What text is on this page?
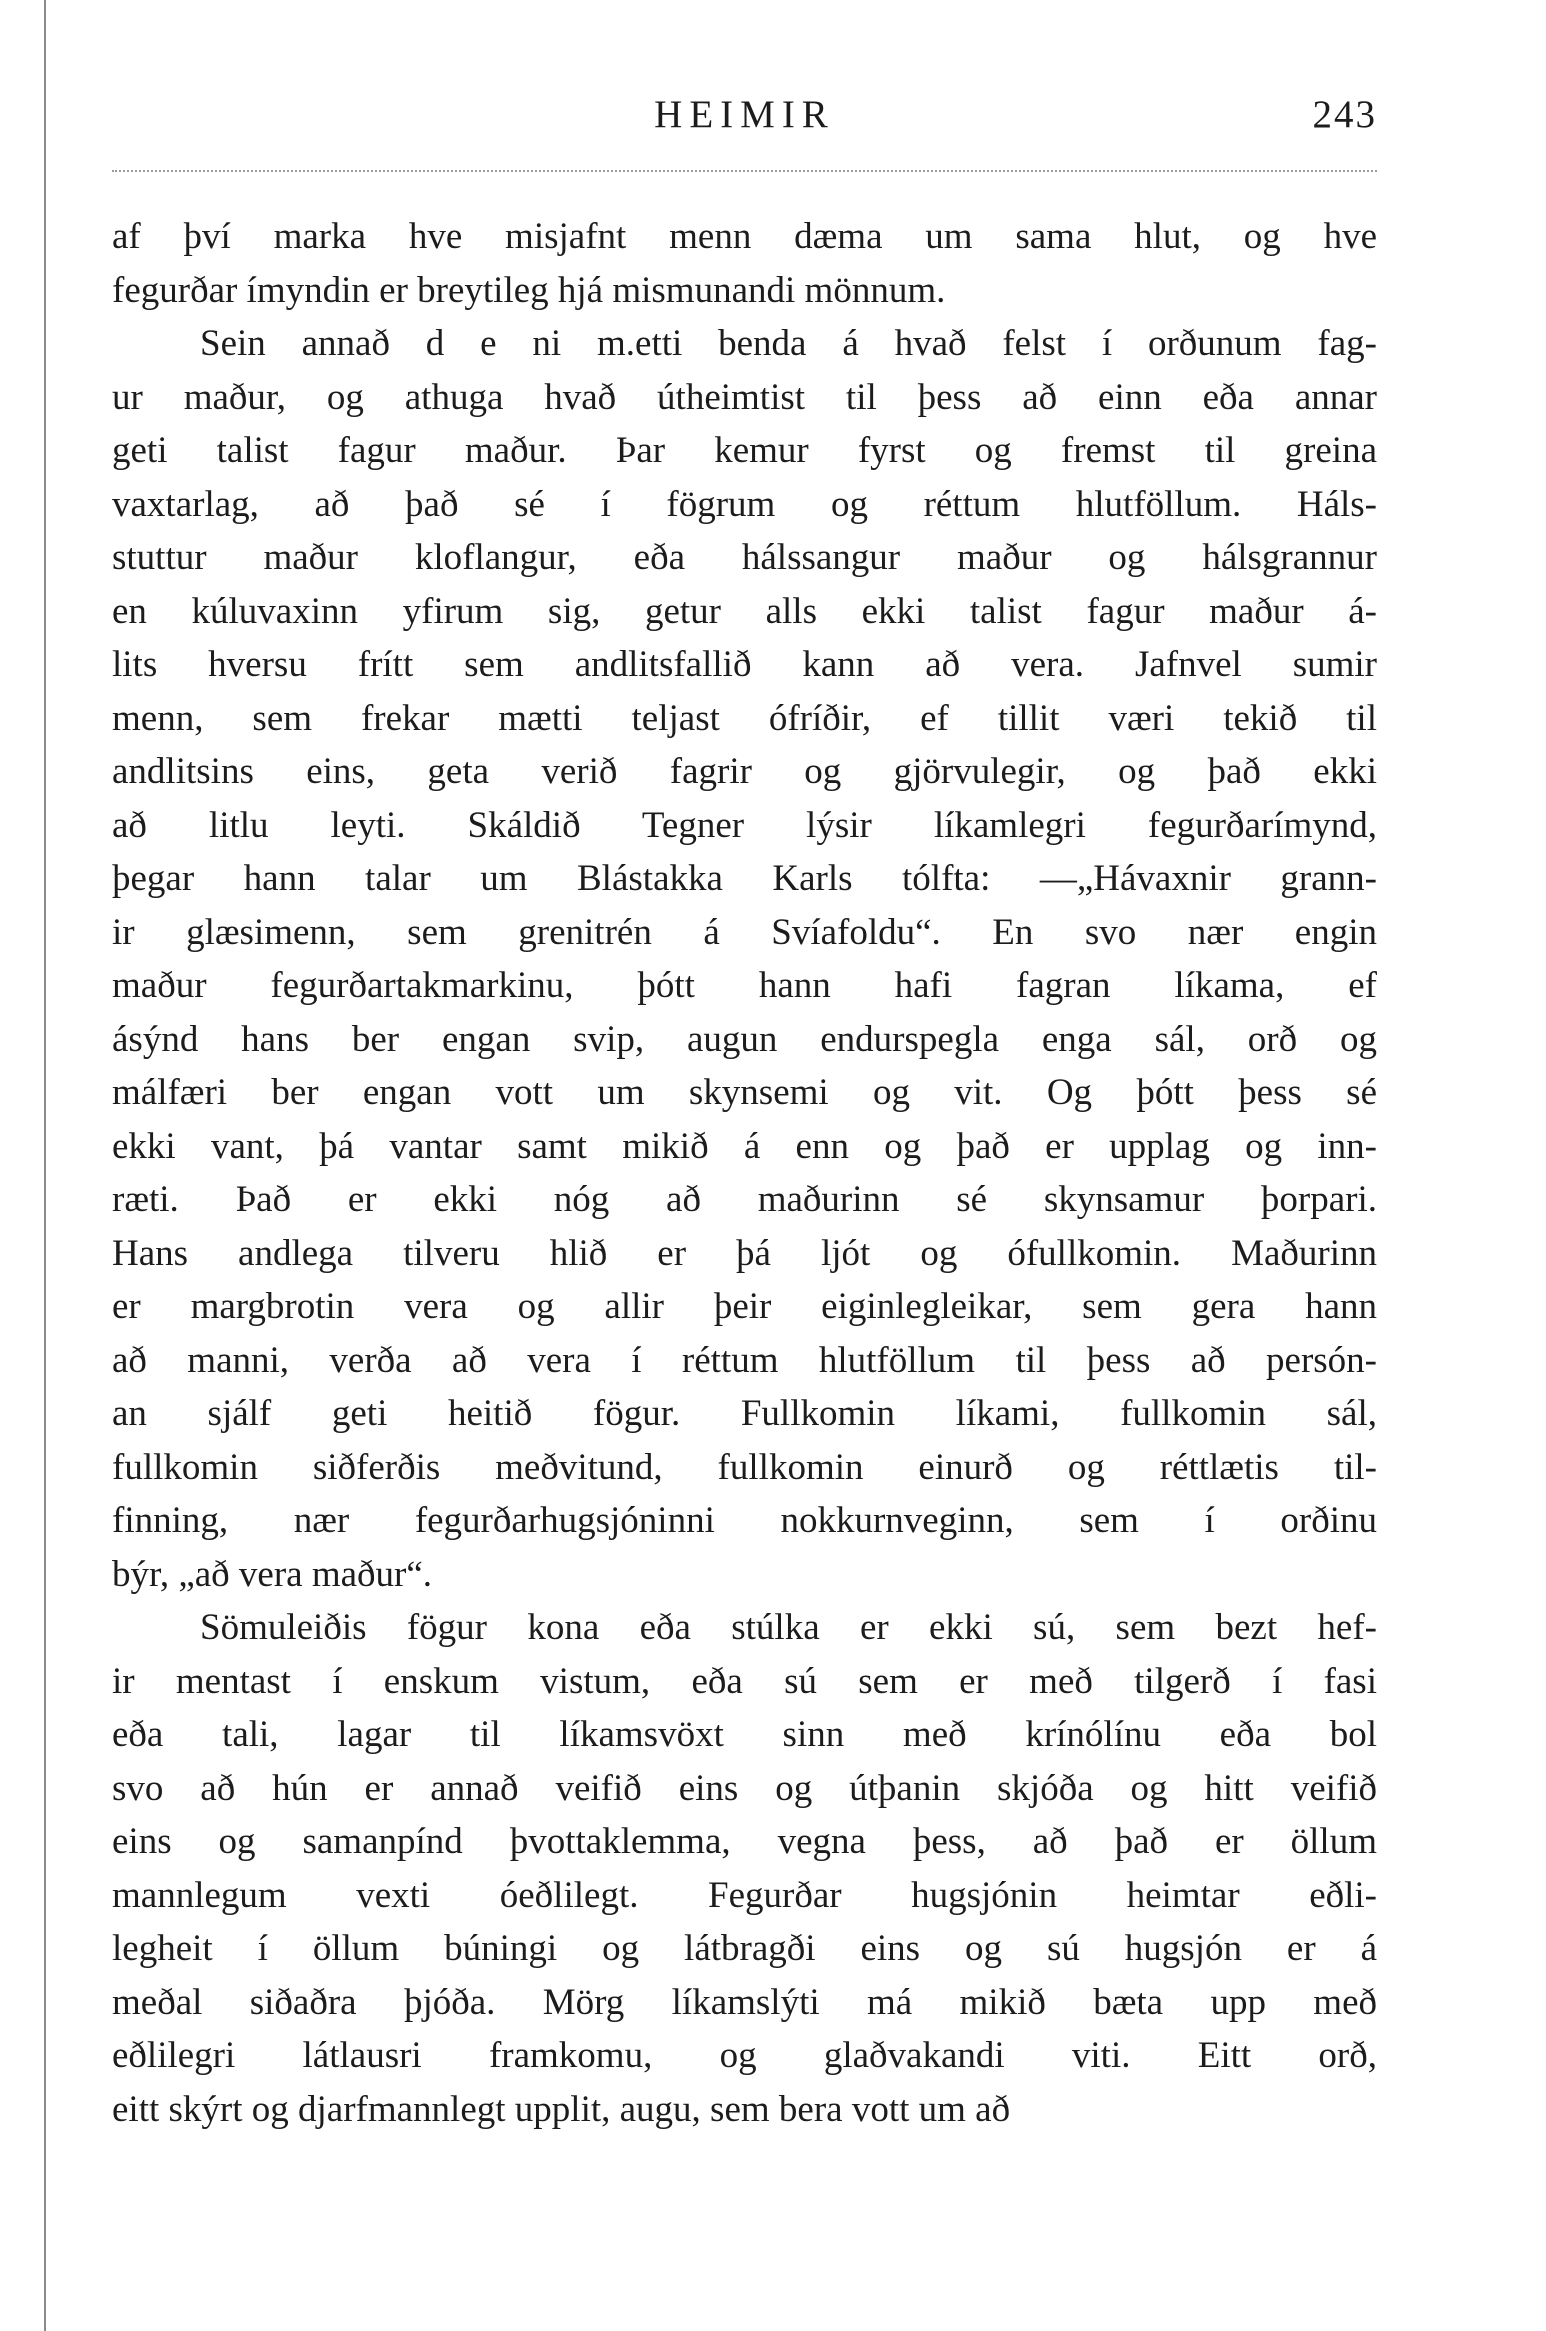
HEIMIR	243
af því marka hve misjafnt menn dæma um sama hlut, og hve
fegurðar ímyndin er breytileg hjá mismunandi mönnum.
Sein annað d e ni m.etti benda á hvað felst í orðunum fag-
ur maður, og athuga hvað útheimtist til þess að einn eða annar
geti talist fagur maður. Þar kemur fyrst og fremst til greina
vaxtarlag, að það sé í fögrum og réttum hlutföllum. Háls-
stuttur maður kloflangur, eða hálssangur maður og hálsgrannur
en kúluvaxinn yfirum sig, getur alls ekki talist fagur maður á-
lits hversu frítt sem andlitsfallið kann að vera. Jafnvel sumir
menn, sem frekar mætti teljast ófríðir, ef tillit væri tekið til
andlitsins eins, geta verið fagrir og gjörvulegir, og það ekki
að litlu leyti. Skáldið Tegner lýsir líkamlegri fegurðarímynd,
þegar hann talar um Blástakka Karls tólfta: —„Hávaxnir grann-
ir glæsimenn, sem grenitrén á Svíafoldu“. En svo nær engin
maður fegurðartakmarkinu, þótt hann hafi fagran líkama, ef
ásýnd hans ber engan svip, augun endurspegla enga sál, orð og
málfæri ber engan vott um skynsemi og vit. Og þótt þess sé
ekki vant, þá vantar samt mikið á enn og það er upplag og inn-
ræti. Það er ekki nóg að maðurinn sé skynsamur þorpari.
Hans andlega tilveru hlið er þá ljót og ófullkomin. Maðurinn
er margbrotin vera og allir þeir eiginlegleikar, sem gera hann
að manni, verða að vera í réttum hlutföllum til þess að persón-
an sjálf geti heitið fögur. Fullkomin líkami, fullkomin sál,
fullkomin siðferðis meðvitund, fullkomin einurð og réttlætis til-
finning, nær fegurðarhugsjóninni nokkurnveginn, sem í orðinu
býr, „að vera maður“.
Sömuleiðis fögur kona eða stúlka er ekki sú, sem bezt hef-
ir mentast í enskum vistum, eða sú sem er með tilgerð í fasi
eða tali, lagar til líkamsvöxt sinn með krínólínu eða bol
svo að hún er annað veifið eins og útþanin skjóða og hitt veifið
eins og samanpínd þvottaklemma, vegna þess, að það er öllum
mannlegum vexti óeðlilegt. Fegurðar hugsjónin heimtar eðli-
legheit í öllum búningi og látbragði eins og sú hugsjón er á
meðal siðaðra þjóða. Mörg líkamslýti má mikið bæta upp með
eðlilegri látlausri framkomu, og glaðvakandi viti. Eitt orð,
eitt skýrt og djarfmannlegt upplit, augu, sem bera vott um að
